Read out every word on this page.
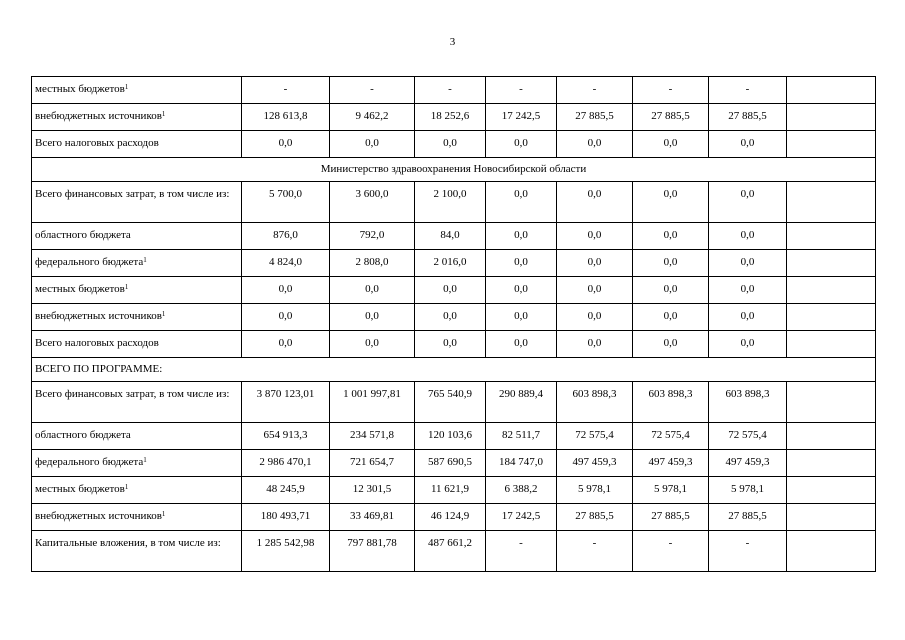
3
местных бюджетов$^1$	-	-	-	-	-	-	-	
внебюджетных источников$^1$	128 613,8	9 462,2	18 252,6	17 242,5	27 885,5	27 885,5	27 885,5	
Всего налоговых расходов	0,0	0,0	0,0	0,0	0,0	0,0	0,0	
Министерство здравоохранения Новосибирской области								
Всего финансовых затрат, в том числе из:	5 700,0	3 600,0	2 100,0	0,0	0,0	0,0	0,0	
областного бюджета	876,0	792,0	84,0	0,0	0,0	0,0	0,0	
федерального бюджета$^1$	4 824,0	2 808,0	2 016,0	0,0	0,0	0,0	0,0	
местных бюджетов$^1$	0,0	0,0	0,0	0,0	0,0	0,0	0,0	
внебюджетных источников$^1$	0,0	0,0	0,0	0,0	0,0	0,0	0,0	
Всего налоговых расходов	0,0	0,0	0,0	0,0	0,0	0,0	0,0	
ВСЕГО ПО ПРОГРАММЕ:								
Всего финансовых затрат, в том числе из:	3 870 123,01	1 001 997,81	765 540,9	290 889,4	603 898,3	603 898,3	603 898,3	
областного бюджета	654 913,3	234 571,8	120 103,6	82 511,7	72 575,4	72 575,4	72 575,4	
федерального бюджета$^1$	2 986 470,1	721 654,7	587 690,5	184 747,0	497 459,3	497 459,3	497 459,3	
местных бюджетов$^1$	48 245,9	12 301,5	11 621,9	6 388,2	5 978,1	5 978,1	5 978,1	
внебюджетных источников$^1$	180 493,71	33 469,81	46 124,9	17 242,5	27 885,5	27 885,5	27 885,5	
Капитальные вложения, в том числе из:	1 285 542,98	797 881,78	487 661,2	-	-	-	-	
